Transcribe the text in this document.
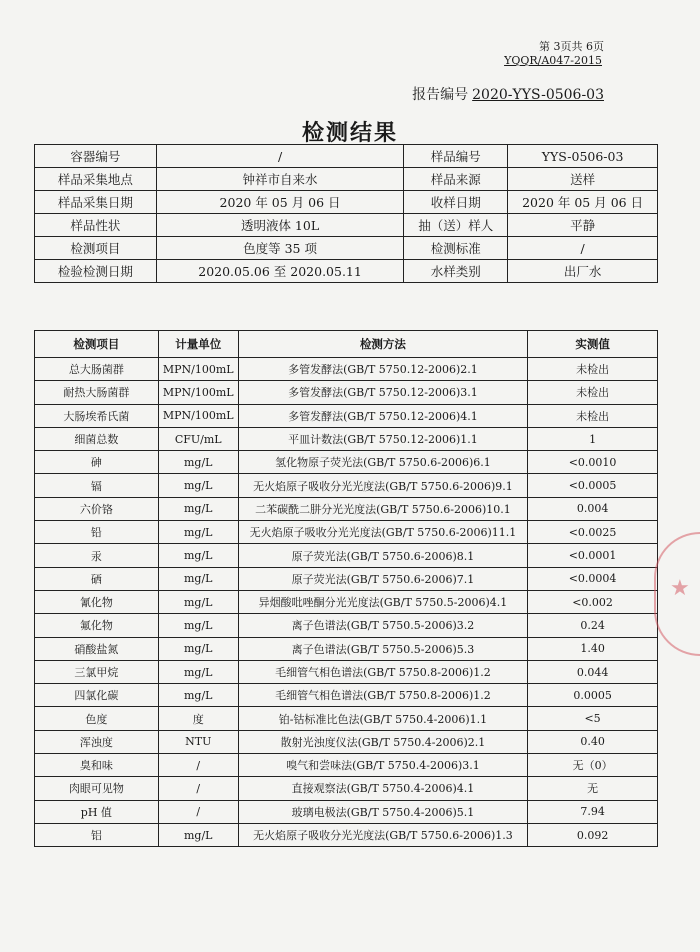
第 3页共 6页
YQQR/A047-2015
报告编号 2020-YYS-0506-03
检测结果
容器编号	/	样品编号	YYS-0506-03
样品采集地点	钟祥市自来水	样品来源	送样
样品采集日期	2020 年 05 月 06 日	收样日期	2020 年 05 月 06 日
样品性状	透明液体 10L	抽（送）样人	平静
检测项目	色度等 35 项	检测标准	/
检验检测日期	2020.05.06 至 2020.05.11	水样类别	出厂水
检测项目	计量单位	检测方法	实测值
总大肠菌群	MPN/100mL	多管发酵法(GB/T 5750.12-2006)2.1	未检出
耐热大肠菌群	MPN/100mL	多管发酵法(GB/T 5750.12-2006)3.1	未检出
大肠埃希氏菌	MPN/100mL	多管发酵法(GB/T 5750.12-2006)4.1	未检出
细菌总数	CFU/mL	平皿计数法(GB/T 5750.12-2006)1.1	1
砷	mg/L	氢化物原子荧光法(GB/T 5750.6-2006)6.1	<0.0010
镉	mg/L	无火焰原子吸收分光光度法(GB/T 5750.6-2006)9.1	<0.0005
六价铬	mg/L	二苯碳酰二肼分光光度法(GB/T 5750.6-2006)10.1	0.004
铅	mg/L	无火焰原子吸收分光光度法(GB/T 5750.6-2006)11.1	<0.0025
汞	mg/L	原子荧光法(GB/T 5750.6-2006)8.1	<0.0001
硒	mg/L	原子荧光法(GB/T 5750.6-2006)7.1	<0.0004
氰化物	mg/L	异烟酸吡唑酮分光光度法(GB/T 5750.5-2006)4.1	<0.002
氟化物	mg/L	离子色谱法(GB/T 5750.5-2006)3.2	0.24
硝酸盐氮	mg/L	离子色谱法(GB/T 5750.5-2006)5.3	1.40
三氯甲烷	mg/L	毛细管气相色谱法(GB/T 5750.8-2006)1.2	0.044
四氯化碳	mg/L	毛细管气相色谱法(GB/T 5750.8-2006)1.2	0.0005
色度	度	铂-钴标准比色法(GB/T 5750.4-2006)1.1	<5
浑浊度	NTU	散射光浊度仪法(GB/T 5750.4-2006)2.1	0.40
臭和味	/	嗅气和尝味法(GB/T 5750.4-2006)3.1	无（0）
肉眼可见物	/	直接观察法(GB/T 5750.4-2006)4.1	无
pH 值	/	玻璃电极法(GB/T 5750.4-2006)5.1	7.94
铝	mg/L	无火焰原子吸收分光光度法(GB/T 5750.6-2006)1.3	0.092
★
